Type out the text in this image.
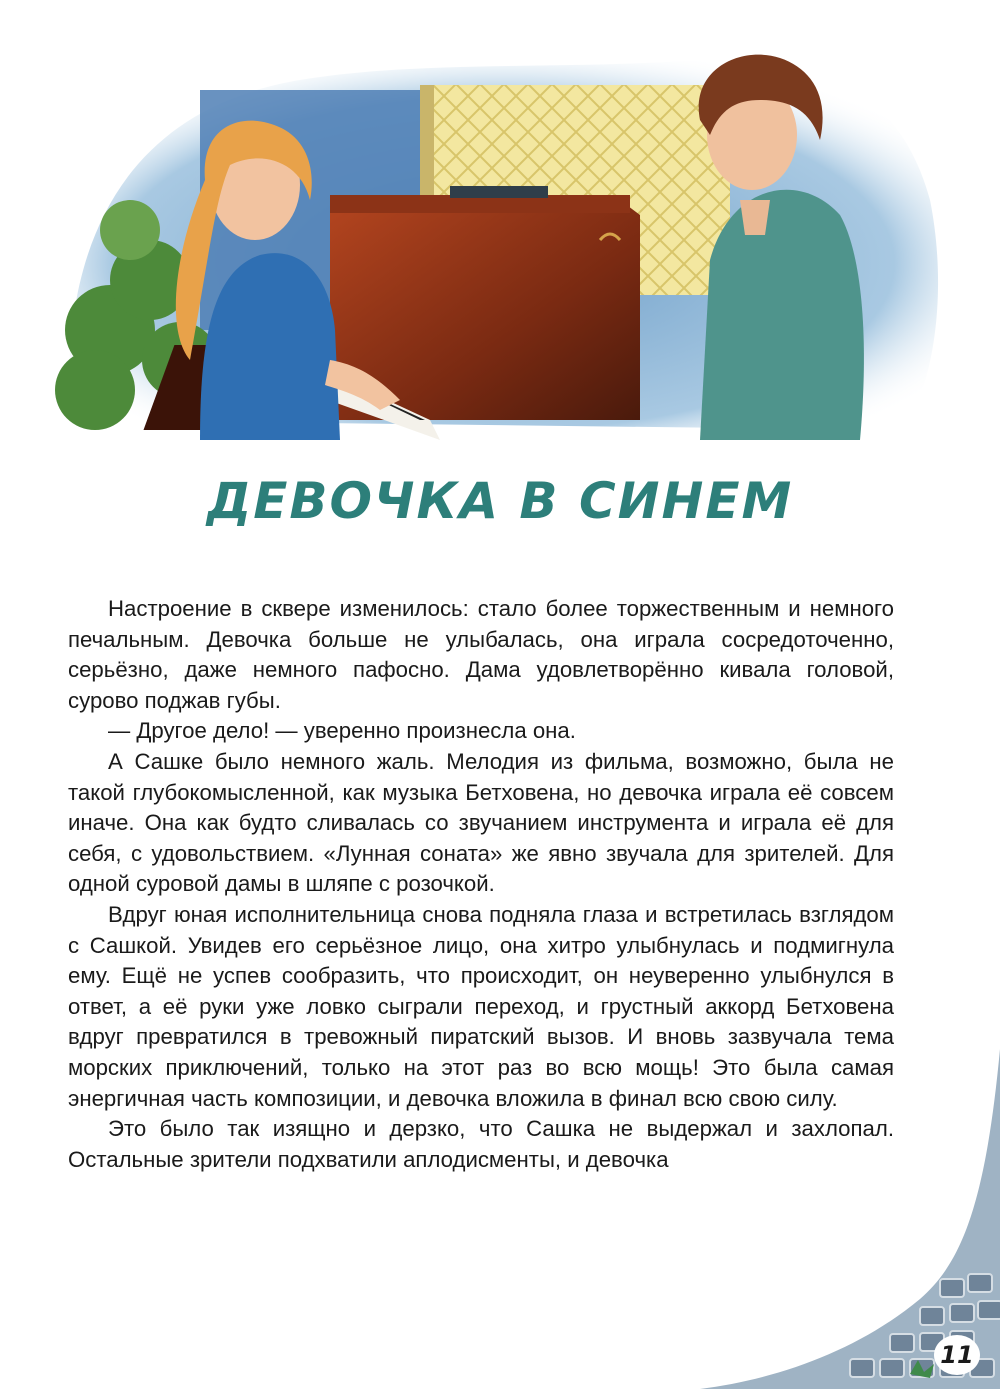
ДЕВОЧКА В СИНЕМ

Настроение в сквере изменилось: стало более торжественным и немного печальным. Девочка больше не улыбалась, она играла сосредоточенно, серьёзно, даже немного пафосно. Дама удовлетворённо кивала головой, сурово поджав губы.

— Другое дело! — уверенно произнесла она.

А Сашке было немного жаль. Мелодия из фильма, возможно, была не такой глубокомысленной, как музыка Бетховена, но девочка играла её совсем иначе. Она как будто сливалась со звучанием инструмента и играла её для себя, с удовольствием. «Лунная соната» же явно звучала для зрителей. Для одной суровой дамы в шляпе с розочкой.

Вдруг юная исполнительница снова подняла глаза и встретилась взглядом с Сашкой. Увидев его серьёзное лицо, она хитро улыбнулась и подмигнула ему. Ещё не успев сообразить, что происходит, он неуверенно улыбнулся в ответ, а её руки уже ловко сыграли переход, и грустный аккорд Бетховена вдруг превратился в тревожный пиратский вызов. И вновь зазвучала тема морских приключений, только на этот раз во всю мощь! Это была самая энергичная часть композиции, и девочка вложила в финал всю свою силу.

Это было так изящно и дерзко, что Сашка не выдержал и захлопал. Остальные зрители подхватили аплодисменты, и девочка

11
